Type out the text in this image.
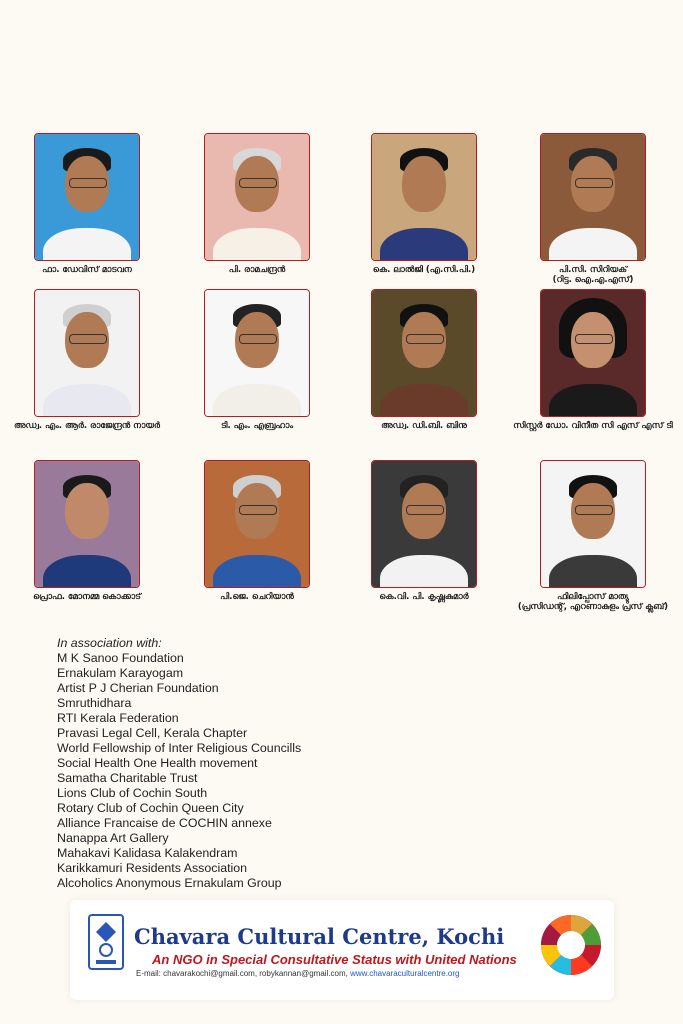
ഫാ. ഡേവിസ് മാടവന	പി. രാമചന്ദ്രൻ	കെ. ലാൽജി (എ.സി.പി.)	പി.സി. സിറിയക്
(റിട്ട. ഐ.എ.എസ്)
അഡ്വ. എം. ആർ. രാജേന്ദ്രൻ നായർ	ടി. എം. എബ്രഹാം	അഡ്വ. ഡി.ബി. ബിനു	സിസ്റ്റർ ഡോ. വിനീത സി എസ് എസ് ടി
പ്രൊഫ. മോനമ്മ കൊക്കാട്	പി.ജെ. ചെറിയാൻ	കെ.വി. പി. കൃഷ്ണകുമാർ	ഫിലിപ്പോസ് മാത്യു
(പ്രസിഡന്റ്, എറണാകുളം പ്രസ് ക്ലബ്)
In association with:
M K Sanoo Foundation
Ernakulam Karayogam
Artist P J Cherian Foundation
Smruthidhara
RTI Kerala Federation
Pravasi Legal Cell, Kerala Chapter
World Fellowship of Inter Religious Councills
Social Health One Health movement
Samatha Charitable Trust
Lions Club of Cochin South
Rotary Club of Cochin Queen City
Alliance Francaise de COCHIN annexe
Nanappa Art Gallery
Mahakavi Kalidasa Kalakendram
Karikkamuri Residents Association
Alcoholics Anonymous Ernakulam Group
Chavara Cultural Centre, Kochi
An NGO in Special Consultative Status with United Nations
E-mail: chavarakochi@gmail.com, robykannan@gmail.com, www.chavaraculturalcentre.org
